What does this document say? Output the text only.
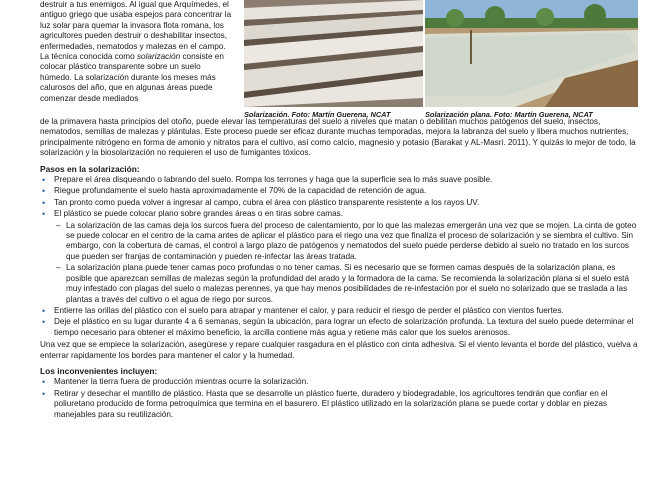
destruir a tus enemigos. Al igual que Arquímedes, el antiguo griego que usaba espejos para concentrar la luz solar para quemar la invasora flota romana, los agricultores pueden destruir o deshabilitar insectos, enfermedades, nematodos y malezas en el campo. La técnica conocida como solarización consiste en colocar plástico transparente sobre un suelo húmedo. La solarización durante los meses más calurosos del año, que en algunas áreas puede comenzar desde mediados
Solarización. Foto: Martín Guerena, NCAT	Solarización plana. Foto: Martín Guerena, NCAT

de la primavera hasta principios del otoño, puede elevar las temperaturas del suelo a niveles que matan o debilitan muchos patógenos del suelo, insectos, nematodos, semillas de malezas y plántulas. Este proceso puede ser eficaz durante muchas temporadas, mejora la labranza del suelo y libera muchos nutrientes, principalmente nitrógeno en forma de amonio y nitratos para el cultivo, así como calcio, magnesio y potasio (Barakat y AL-Masri. 2011). Y quizás lo mejor de todo, la solarización y la biosolarización no requieren el uso de fumigantes tóxicos.

Pasos en la solarización:
• Prepare el área disqueando o labrando del suelo. Rompa los terrones y haga que la superficie sea lo más suave posible.
• Riegue profundamente el suelo hasta aproximadamente el 70% de la capacidad de retención de agua.
• Tan pronto como pueda volver a ingresar al campo, cubra el área con plástico transparente resistente a los rayos UV.
• El plástico se puede colocar plano sobre grandes áreas o en tiras sobre camas.
– La solarización de las camas deja los surcos fuera del proceso de calentamiento, por lo que las malezas emergerán una vez que se mojen. La cinta de goteo se puede colocar en el centro de la cama antes de aplicar el plástico para el riego una vez que finaliza el proceso de solarización y se siembra el cultivo. Sin embargo, con la cobertura de camas, el control a largo plazo de patógenos y nematodos del suelo puede perderse debido al suelo no tratado en los surcos que pueden ser franjas de contaminación y pueden re-infectar las áreas tratada.
– La solarización plana puede tener camas poco profundas o no tener camas. Si es necesario que se formen camas después de la solarización plana, es posible que aparezcan semillas de malezas según la profundidad del arado y la formadora de la cama. Se recomienda la solarización plana si el suelo está muy infestado con plagas del suelo o malezas perennes, ya que hay menos posibilidades de re-infestación por el suelo no solarizado que se traslada a las plantas a través del cultivo o el agua de riego por surcos.
• Entierre las orillas del plástico con el suelo para atrapar y mantener el calor, y para reducir el riesgo de perder el plástico con vientos fuertes.
• Deje el plástico en su lugar durante 4 a 6 semanas, según la ubicación, para lograr un efecto de solarización profunda. La textura del suelo puede determinar el tiempo necesario para obtener el máximo beneficio, la arcilla contiene más agua y retiene más calor que los suelos arenosos.

Una vez que se empiece la solarización, asegúrese y repare cualquier rasgadura en el plástico con cinta adhesiva. Si el viento levanta el borde del plástico, vuelva a enterrar rapidamente los bordes para mantener el calor y la humedad.

Los inconvenientes incluyen:
• Mantener la tierra fuera de producción mientras ocurre la solarización.
• Retirar y desechar el mantillo de plástico. Hasta que se desarrolle un plástico fuerte, duradero y biodegradable, los agricultores tendrán que confiar en el poliuretano producido de forma petroquímica que termina en el basurero. El plástico utilizado en la solarización plana se puede cortar y doblar en piezas manejables para su reutilización.
